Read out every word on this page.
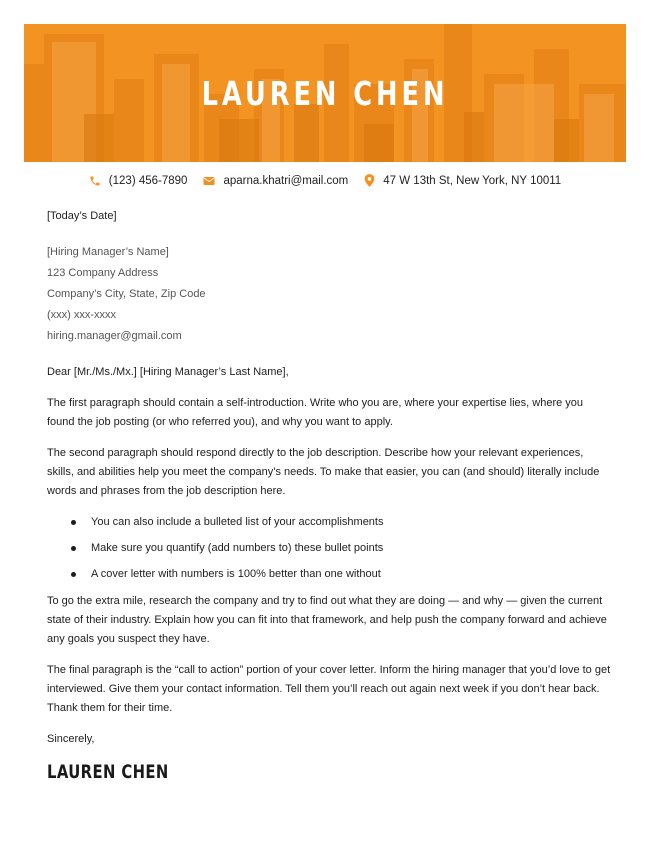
LAUREN CHEN
(123) 456-7890	aparna.khatri@mail.com	47 W 13th St, New York, NY 10011
[Today’s Date]
[Hiring Manager’s Name]
123 Company Address
Company’s City, State, Zip Code
(xxx) xxx-xxxx
hiring.manager@gmail.com

Dear [Mr./Ms./Mx.] [Hiring Manager’s Last Name],

The first paragraph should contain a self-introduction. Write who you are, where your expertise lies, where you found the job posting (or who referred you), and why you want to apply.

The second paragraph should respond directly to the job description. Describe how your relevant experiences, skills, and abilities help you meet the company’s needs. To make that easier, you can (and should) literally include words and phrases from the job description here.

You can also include a bulleted list of your accomplishments
Make sure you quantify (add numbers to) these bullet points
A cover letter with numbers is 100% better than one without

To go the extra mile, research the company and try to find out what they are doing — and why — given the current state of their industry. Explain how you can fit into that framework, and help push the company forward and achieve any goals you suspect they have.

The final paragraph is the “call to action” portion of your cover letter. Inform the hiring manager that you’d love to get interviewed. Give them your contact information. Tell them you’ll reach out again next week if you don’t hear back. Thank them for their time.

Sincerely,
LAUREN CHEN
